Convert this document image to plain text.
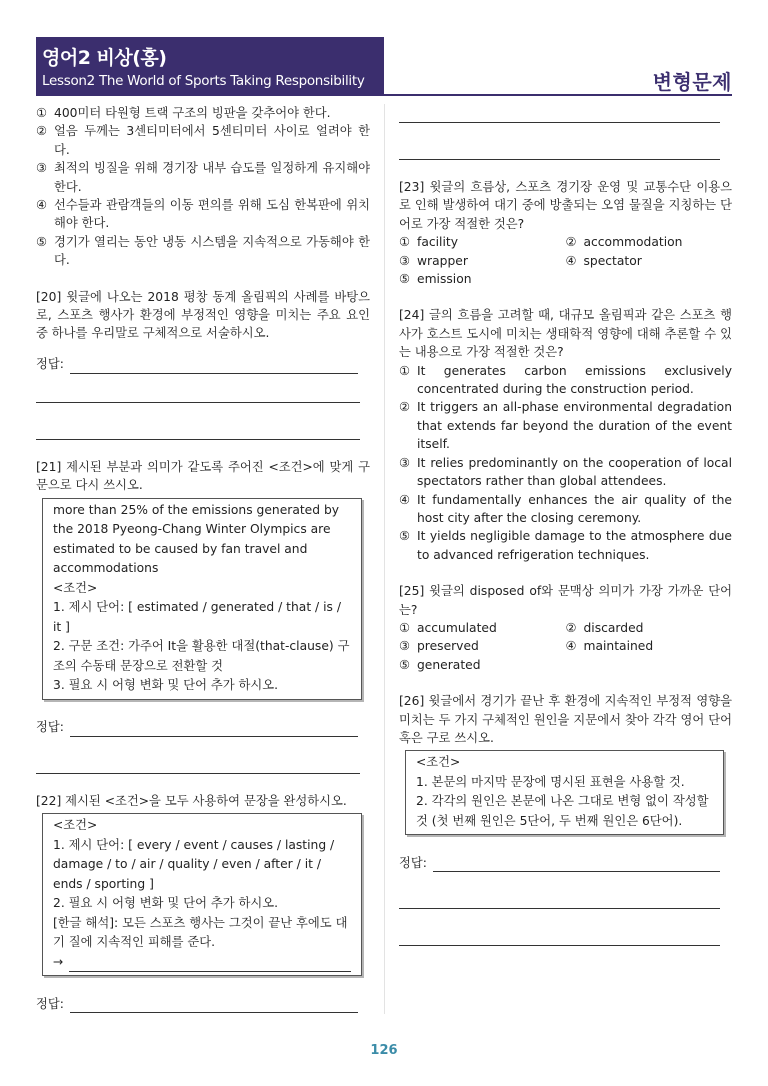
영어2 비상(홍)
Lesson2 The World of Sports Taking Responsibility	변형문제
① 400미터 타원형 트랙 구조의 빙판을 갖추어야 한다.
② 얼음 두께는 3센티미터에서 5센티미터 사이로 얼려야 한다.
③ 최적의 빙질을 위해 경기장 내부 습도를 일정하게 유지해야 한다.
④ 선수들과 관람객들의 이동 편의를 위해 도심 한복판에 위치해야 한다.
⑤ 경기가 열리는 동안 냉동 시스템을 지속적으로 가동해야 한다.

[20] 윗글에 나오는 2018 평창 동계 올림픽의 사례를 바탕으로, 스포츠 행사가 환경에 부정적인 영향을 미치는 주요 요인 중 하나를 우리말로 구체적으로 서술하시오.

정답:

[21] 제시된 부분과 의미가 같도록 주어진 <조건>에 맞게 구문으로 다시 쓰시오.

more than 25% of the emissions generated by the 2018 Pyeong-Chang Winter Olympics are estimated to be caused by fan travel and accommodations

<조건>

1. 제시 단어: [ estimated / generated / that / is / it ]

2. 구문 조건: 가주어 It을 활용한 대절(that-clause) 구조의 수동태 문장으로 전환할 것

3. 필요 시 어형 변화 및 단어 추가 하시오.

정답:

[22] 제시된 <조건>을 모두 사용하여 문장을 완성하시오.

<조건>

1. 제시 단어: [ every / event / causes / lasting / damage / to / air / quality / even / after / it / ends / sporting ]

2. 필요 시 어형 변화 및 단어 추가 하시오.

[한글 해석]: 모든 스포츠 행사는 그것이 끝난 후에도 대기 질에 지속적인 피해를 준다.

→
정답:

[23] 윗글의 흐름상, 스포츠 경기장 운영 및 교통수단 이용으로 인해 발생하여 대기 중에 방출되는 오염 물질을 지칭하는 단어로 가장 적절한 것은?

① facility	② accommodation
③ wrapper	④ spectator
⑤ emission

[24] 글의 흐름을 고려할 때, 대규모 올림픽과 같은 스포츠 행사가 호스트 도시에 미치는 생태학적 영향에 대해 추론할 수 있는 내용으로 가장 적절한 것은?

① It generates carbon emissions exclusively concentrated during the construction period.
② It triggers an all-phase environmental degradation that extends far beyond the duration of the event itself.
③ It relies predominantly on the cooperation of local spectators rather than global attendees.
④ It fundamentally enhances the air quality of the host city after the closing ceremony.
⑤ It yields negligible damage to the atmosphere due to advanced refrigeration techniques.

[25] 윗글의 disposed of와 문맥상 의미가 가장 가까운 단어는?

① accumulated	② discarded
③ preserved	④ maintained
⑤ generated

[26] 윗글에서 경기가 끝난 후 환경에 지속적인 부정적 영향을 미치는 두 가지 구체적인 원인을 지문에서 찾아 각각 영어 단어 혹은 구로 쓰시오.

<조건>

1. 본문의 마지막 문장에 명시된 표현을 사용할 것.

2. 각각의 원인은 본문에 나온 그대로 변형 없이 작성할 것 (첫 번째 원인은 5단어, 두 번째 원인은 6단어).

정답:
126
